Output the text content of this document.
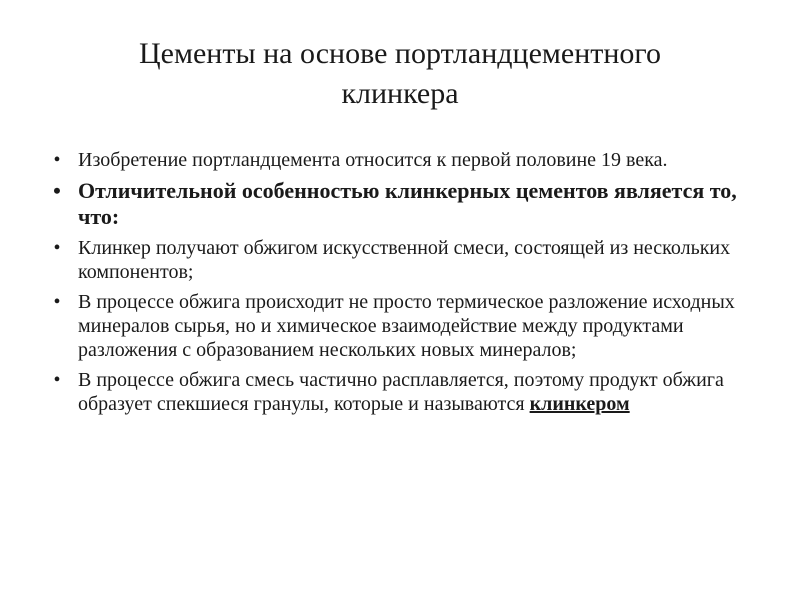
Цементы на основе портландцементного
клинкера
• Изобретение портландцемента относится к первой половине 19 века.
• Отличительной особенностью клинкерных цементов является то, что:
• Клинкер получают обжигом искусственной смеси, состоящей из нескольких компонентов;
• В процессе обжига происходит не просто термическое разложение исходных минералов сырья, но и химическое взаимодействие между продуктами разложения с образованием нескольких новых минералов;
• В процессе обжига смесь частично расплавляется, поэтому продукт обжига образует спекшиеся гранулы, которые и называются клинкером
